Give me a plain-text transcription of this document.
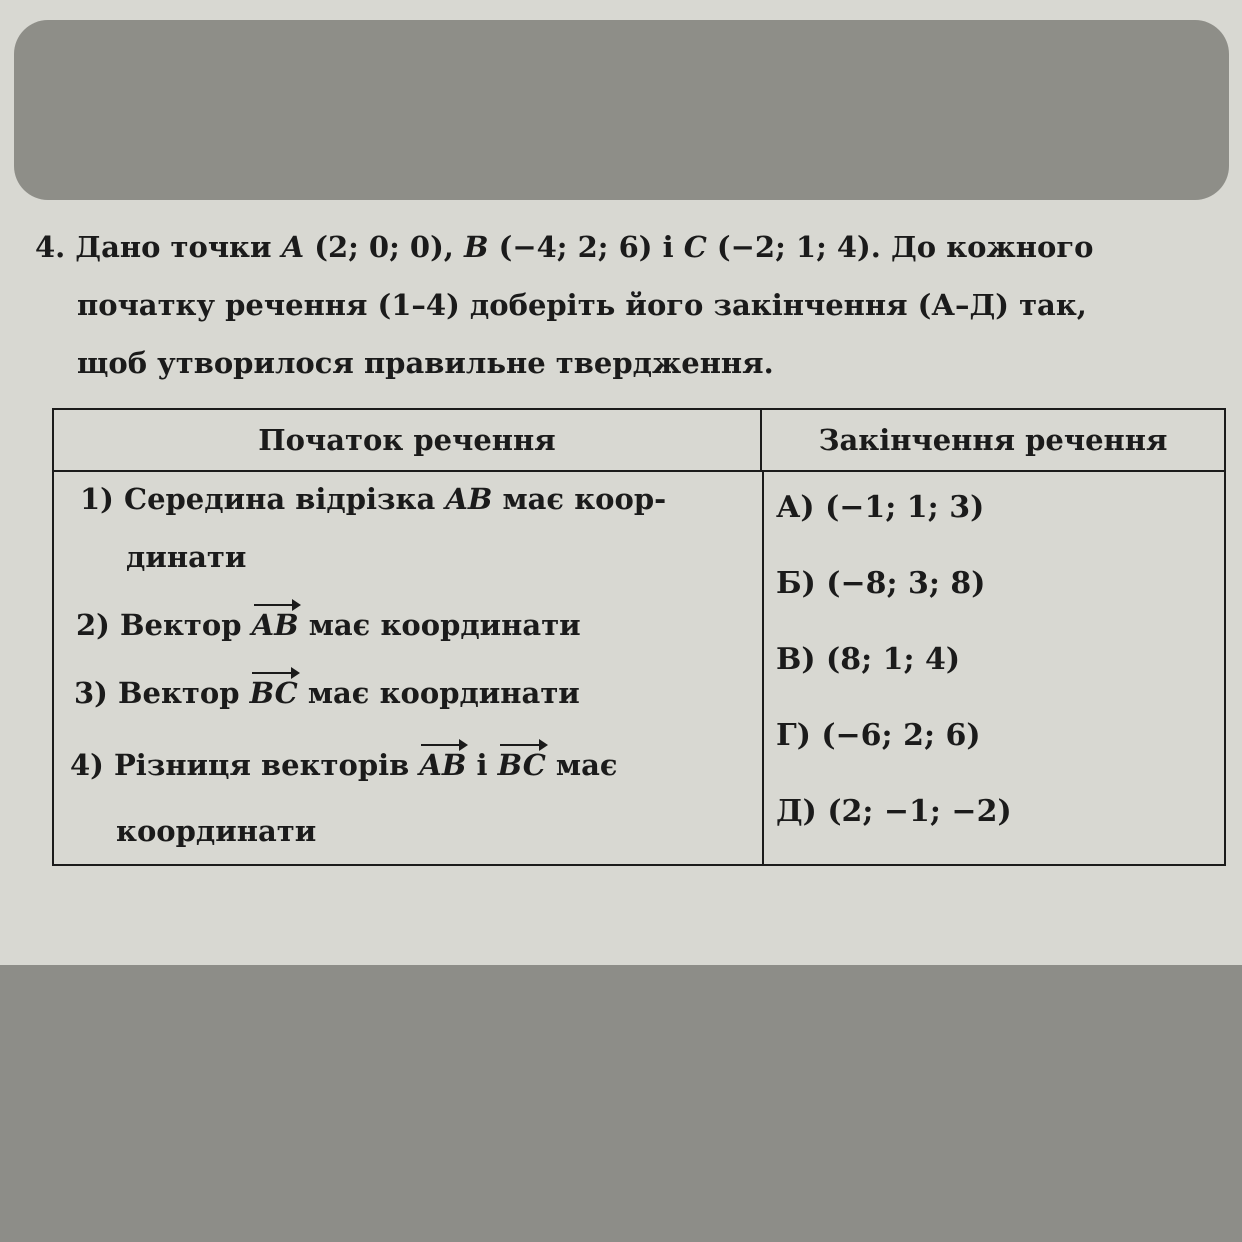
4. Дано точки A (2; 0; 0), B (−4; 2; 6) і C (−2; 1; 4). До кожного
початку речення (1–4) доберіть його закінчення (А–Д) так,
щоб утворилося правильне твердження.

Початок речення	Закінчення речення
1) Середина відрізка AB має коор-
динати
2) Вектор AB має координати
3) Вектор BC має координати
4) Різниця векторів AB і BC має
координати
А) (−1; 1; 3)
Б) (−8; 3; 8)
В) (8; 1; 4)
Г) (−6; 2; 6)
Д) (2; −1; −2)
